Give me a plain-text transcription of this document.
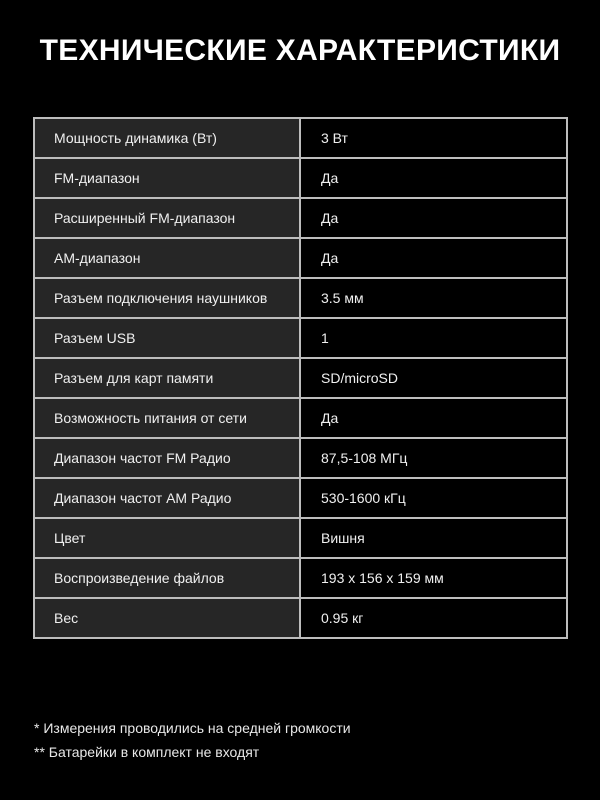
ТЕХНИЧЕСКИЕ ХАРАКТЕРИСТИКИ
Мощность динамика (Вт)	3 Вт
FM-диапазон	Да
Расширенный FM-диапазон	Да
АМ-диапазон	Да
Разъем подключения наушников	3.5 мм
Разъем USB	1
Разъем для карт памяти	SD/microSD
Возможность питания от сети	Да
Диапазон частот FM Радио	87,5-108 МГц
Диапазон частот AM Радио	530-1600 кГц
Цвет	Вишня
Воспроизведение файлов	193 x 156 x 159 мм
Вес	0.95 кг
* Измерения проводились на средней громкости
** Батарейки в комплект не входят
